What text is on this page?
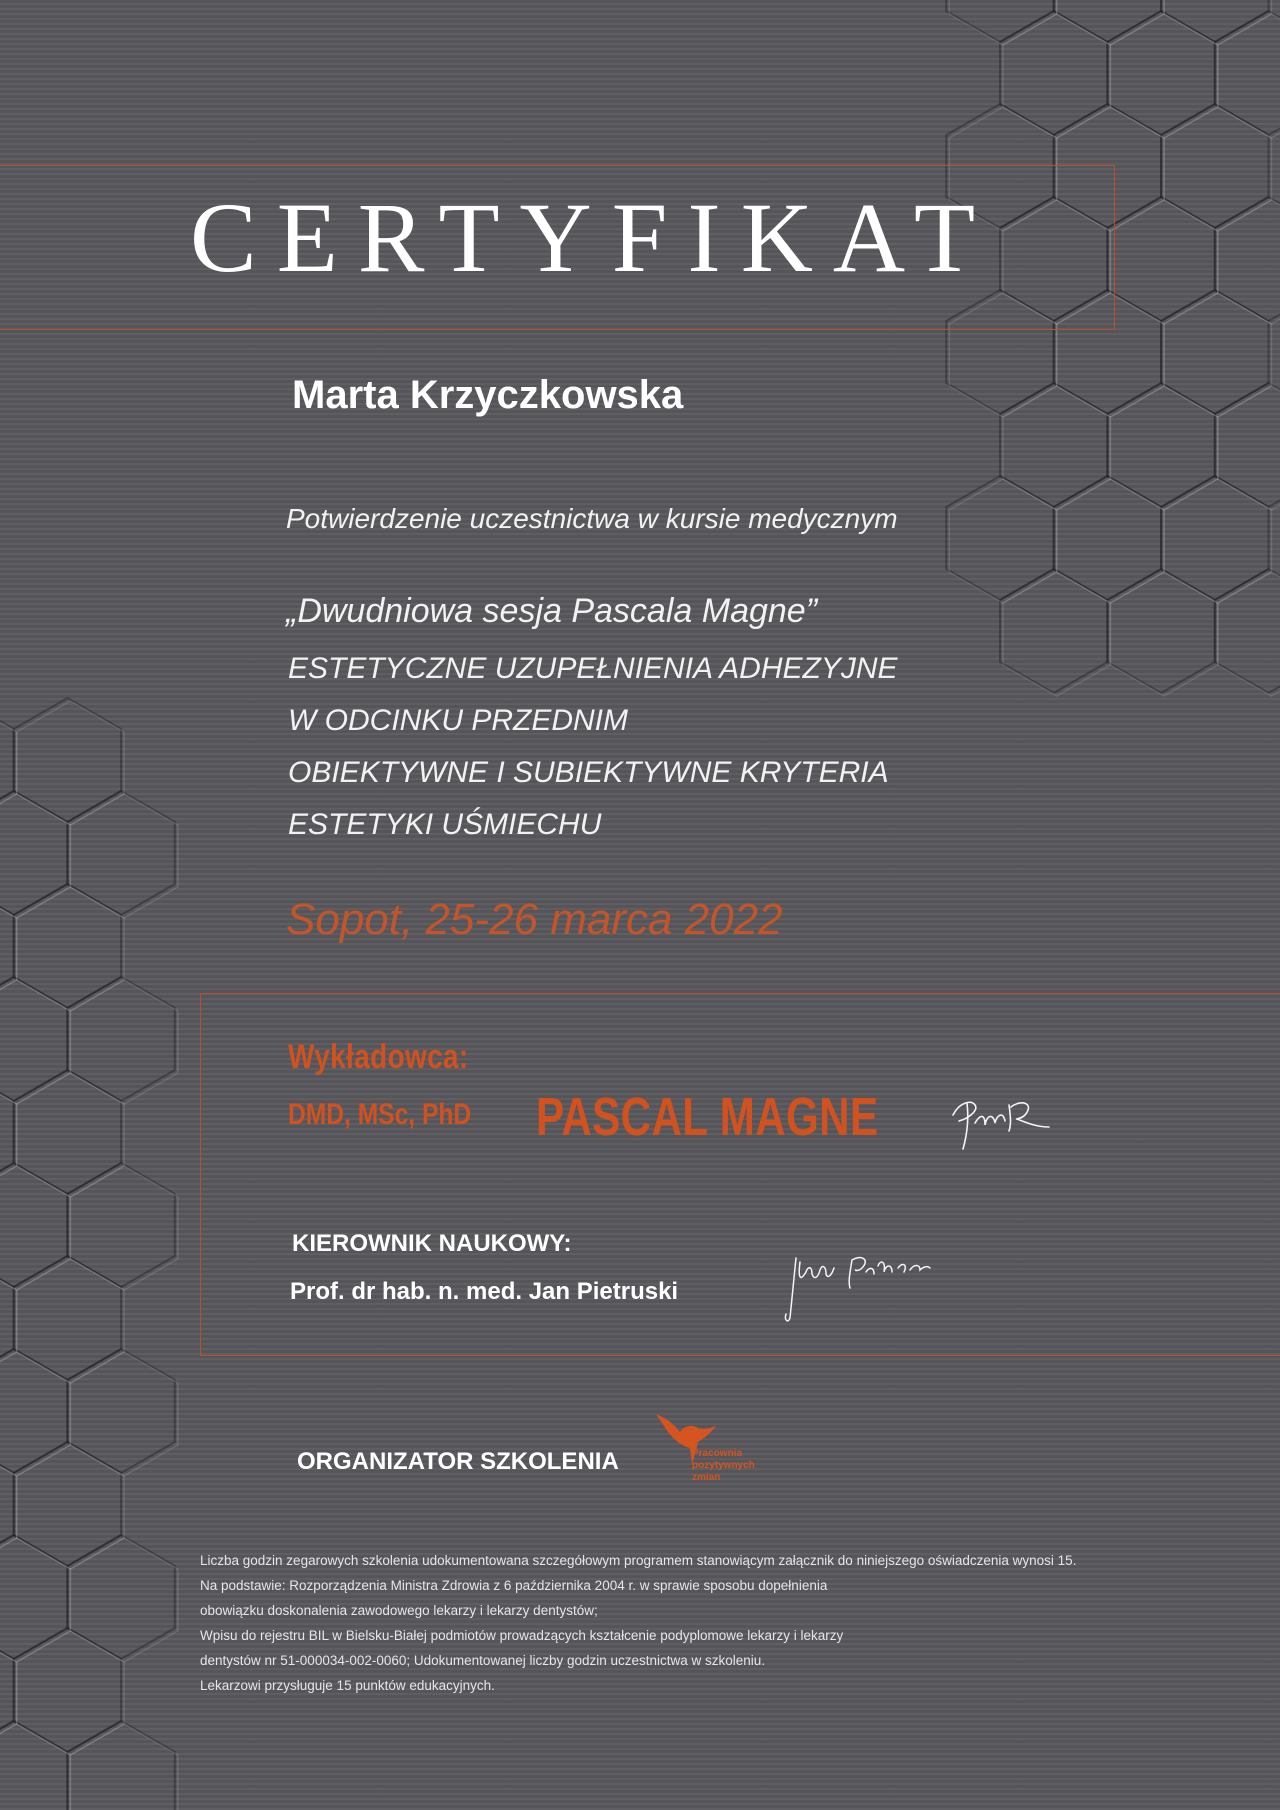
CERTYFIKAT
Marta Krzyczkowska
Potwierdzenie uczestnictwa w kursie medycznym
„Dwudniowa sesja Pascala Magne”
ESTETYCZNE UZUPEŁNIENIA ADHEZYJNE
W ODCINKU PRZEDNIM
OBIEKTYWNE I SUBIEKTYWNE KRYTERIA
ESTETYKI UŚMIECHU
Sopot, 25-26 marca 2022
Wykładowca:
DMD, MSc, PhD PASCAL MAGNE
KIEROWNIK NAUKOWY:
Prof. dr hab. n. med. Jan Pietruski
ORGANIZATOR SZKOLENIA	Pracownia
pozytywnych
zmian
Liczba godzin zegarowych szkolenia udokumentowana szczegółowym programem stanowiącym załącznik do niniejszego oświadczenia wynosi 15.
Na podstawie: Rozporządzenia Ministra Zdrowia z 6 października 2004 r. w sprawie sposobu dopełnienia
obowiązku doskonalenia zawodowego lekarzy i lekarzy dentystów;
Wpisu do rejestru BIL w Bielsku-Białej podmiotów prowadzących kształcenie podyplomowe lekarzy i lekarzy
dentystów nr 51-000034-002-0060; Udokumentowanej liczby godzin uczestnictwa w szkoleniu.
Lekarzowi przysługuje 15 punktów edukacyjnych.
